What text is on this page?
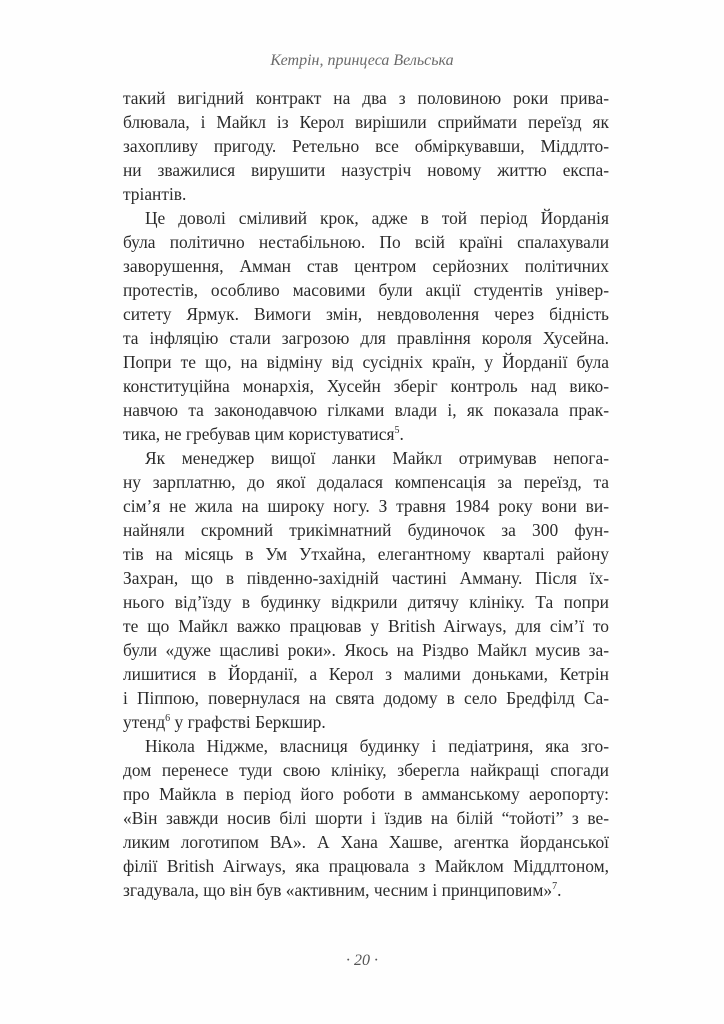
Кетрін, принцеса Вельська
такий вигідний контракт на два з половиною роки прива-
блювала, і Майкл із Керол вирішили сприймати переїзд як
захопливу пригоду. Ретельно все обміркувавши, Міддлто-
ни зважилися вирушити назустріч новому життю експа-
тріантів.
Це доволі сміливий крок, адже в той період Йорданія
була політично нестабільною. По всій країні спалахували
заворушення, Амман став центром серйозних політичних
протестів, особливо масовими були акції студентів універ-
ситету Ярмук. Вимоги змін, невдоволення через бідність
та інфляцію стали загрозою для правління короля Хусейна.
Попри те що, на відміну від сусідніх країн, у Йорданії була
конституційна монархія, Хусейн зберіг контроль над вико-
навчою та законодавчою гілками влади і, як показала прак-
тика, не гребував цим користуватися$^5$.
Як менеджер вищої ланки Майкл отримував непога-
ну зарплатню, до якої додалася компенсація за переїзд, та
сім’я не жила на широку ногу. З травня 1984 року вони ви-
найняли скромний трикімнатний будиночок за 300 фун-
тів на місяць в Ум Утхайна, елегантному кварталі району
Захран, що в південно-західній частині Амману. Після їх-
нього від’їзду в будинку відкрили дитячу клініку. Та попри
те що Майкл важко працював у British Airways, для сім’ї то
були «дуже щасливі роки». Якось на Різдво Майкл мусив за-
лишитися в Йорданії, а Керол з малими доньками, Кетрін
і Піппою, повернулася на свята додому в село Бредфілд Са-
утенд$^6$ у графстві Беркшир.
Нікола Ніджме, власниця будинку і педіатриня, яка зго-
дом перенесе туди свою клініку, зберегла найкращі спогади
про Майкла в період його роботи в амманському аеропорту:
«Він завжди носив білі шорти і їздив на білій “тойоті” з ве-
ликим логотипом ВА». А Хана Хашве, агентка йорданської
філії British Airways, яка працювала з Майклом Міддлтоном,
згадувала, що він був «активним, чесним і принциповим»$^7$.
· 20 ·
